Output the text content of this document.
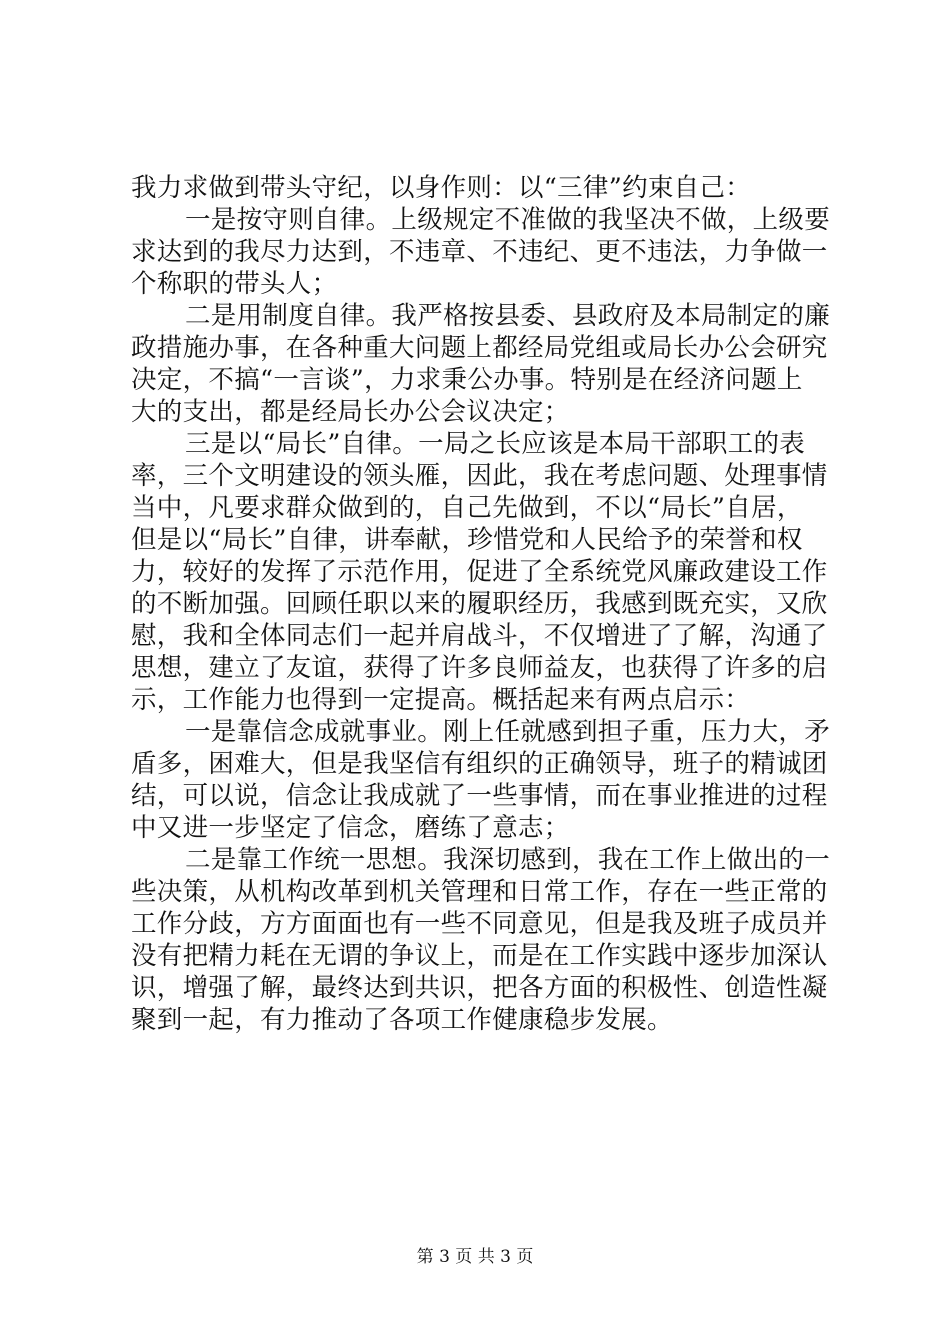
我力求做到带头守纪，以身作则：以“三律”约束自己：
一是按守则自律。上级规定不准做的我坚决不做，上级要
求达到的我尽力达到，不违章、不违纪、更不违法，力争做一
个称职的带头人；
二是用制度自律。我严格按县委、县政府及本局制定的廉
政措施办事，在各种重大问题上都经局党组或局长办公会研究
决定，不搞“一言谈”，力求秉公办事。特别是在经济问题上
大的支出，都是经局长办公会议决定；
三是以“局长”自律。一局之长应该是本局干部职工的表
率，三个文明建设的领头雁，因此，我在考虑问题、处理事情
当中，凡要求群众做到的，自己先做到，不以“局长”自居，
但是以“局长”自律，讲奉献，珍惜党和人民给予的荣誉和权
力，较好的发挥了示范作用，促进了全系统党风廉政建设工作
的不断加强。回顾任职以来的履职经历，我感到既充实，又欣
慰，我和全体同志们一起并肩战斗，不仅增进了了解，沟通了
思想，建立了友谊，获得了许多良师益友，也获得了许多的启
示，工作能力也得到一定提高。概括起来有两点启示：
一是靠信念成就事业。刚上任就感到担子重，压力大，矛
盾多，困难大，但是我坚信有组织的正确领导，班子的精诚团
结，可以说，信念让我成就了一些事情，而在事业推进的过程
中又进一步坚定了信念，磨练了意志；
二是靠工作统一思想。我深切感到，我在工作上做出的一
些决策，从机构改革到机关管理和日常工作，存在一些正常的
工作分歧，方方面面也有一些不同意见，但是我及班子成员并
没有把精力耗在无谓的争议上，而是在工作实践中逐步加深认
识，增强了解，最终达到共识，把各方面的积极性、创造性凝
聚到一起，有力推动了各项工作健康稳步发展。
第 3 页 共 3 页
